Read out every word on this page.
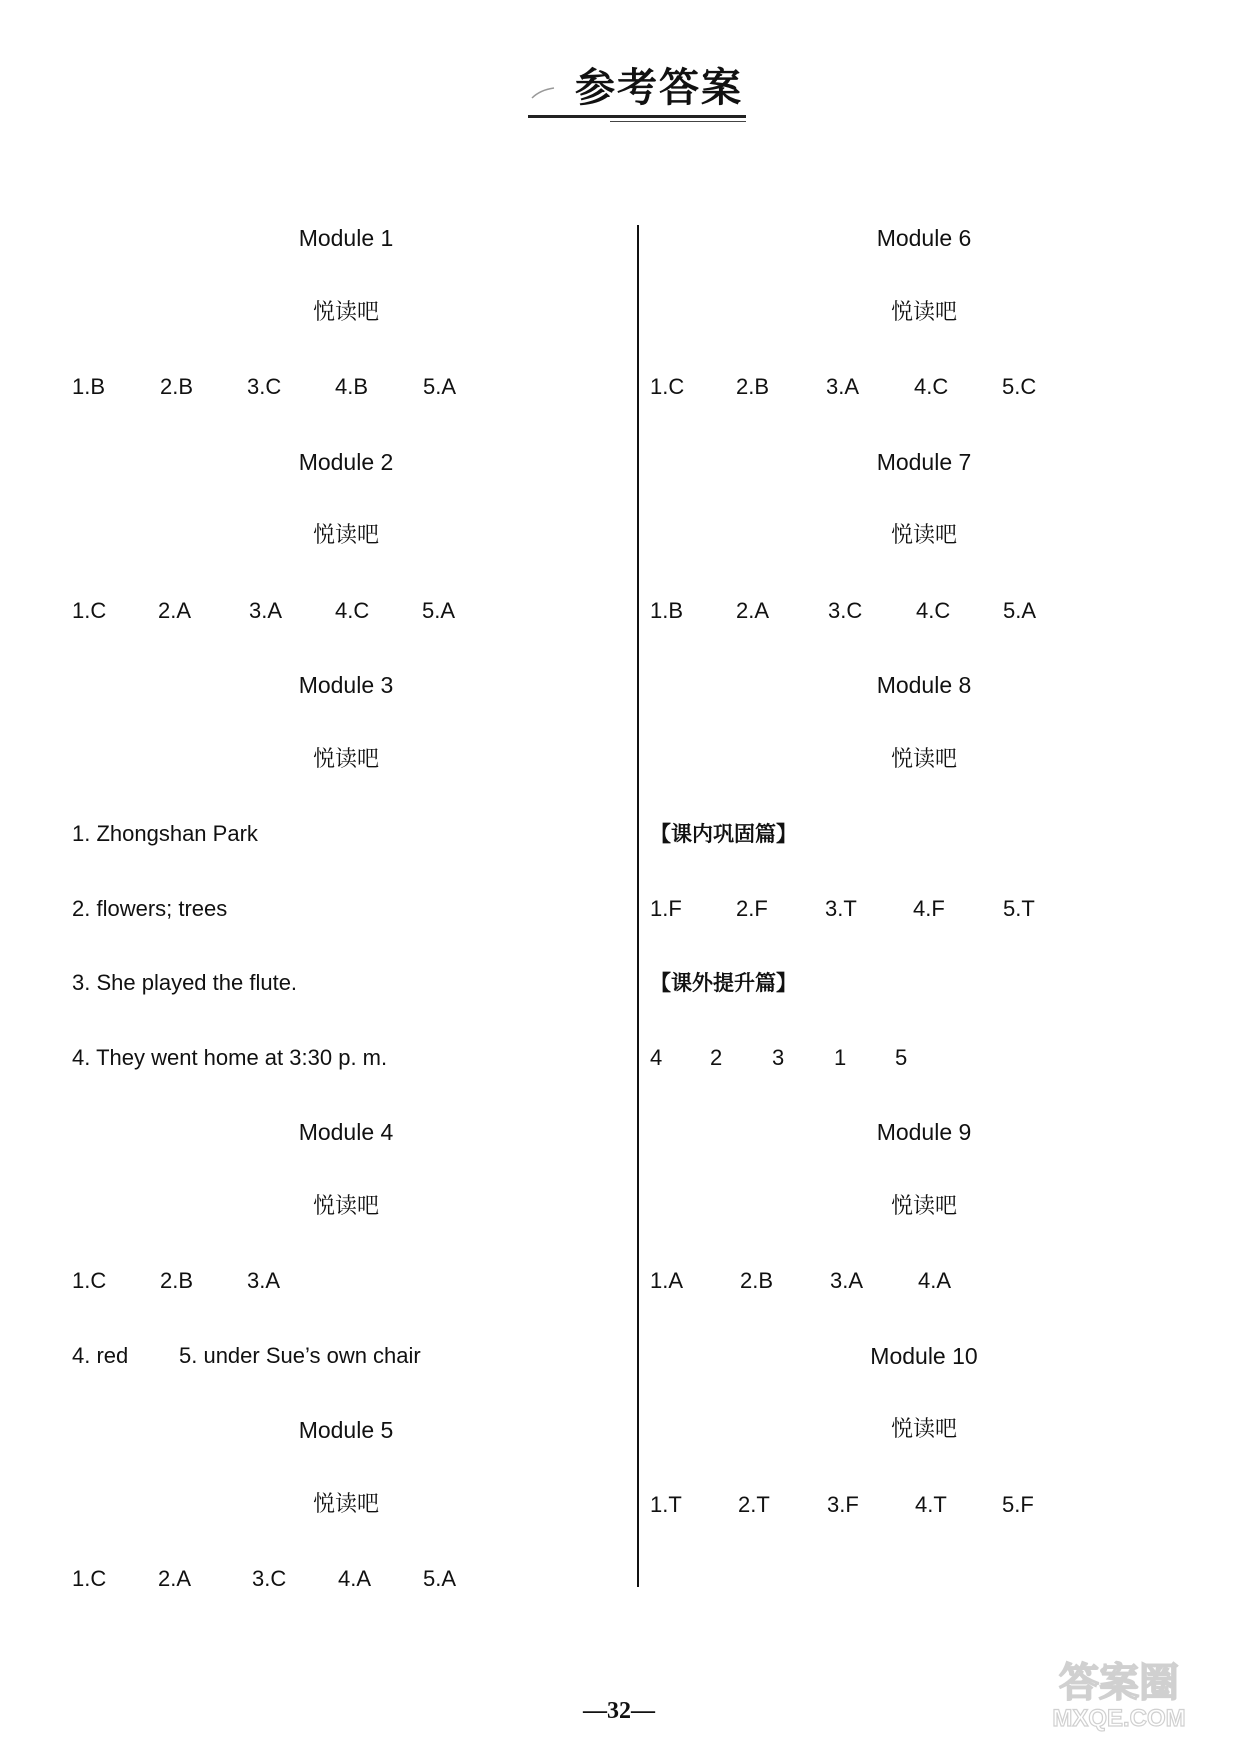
参考答案
Module 1
悦读吧
1.B 2.B 3.C 4.B 5.A
Module 2
悦读吧
1.C 2.A	3.A 4.C 5.A
Module 3
悦读吧
1. Zhongshan Park
2. flowers; trees
3. She played the flute.
4. They went home at 3:30 p. m.
Module 4
悦读吧
1.C 2.B 3.A
4. red 5. under Sue’s own chair
Module 5
悦读吧
1.C 2.A	3.C 4.A 5.A
Module 6
悦读吧
1.C 2.B	3.A 4.C 5.C
Module 7
悦读吧
1.B 2.A	3.C 4.C 5.A
Module 8
悦读吧
【课内巩固篇】
1.F 2.F	3.T	4.F	5.T
【课外提升篇】
4 2 3 1 5
Module 9
悦读吧
1.A	2.B	3.A 4.A
Module 10
悦读吧
1.T	2.T	3.F	4.T	5.F
—32—
答案圈
MXQE.COM
